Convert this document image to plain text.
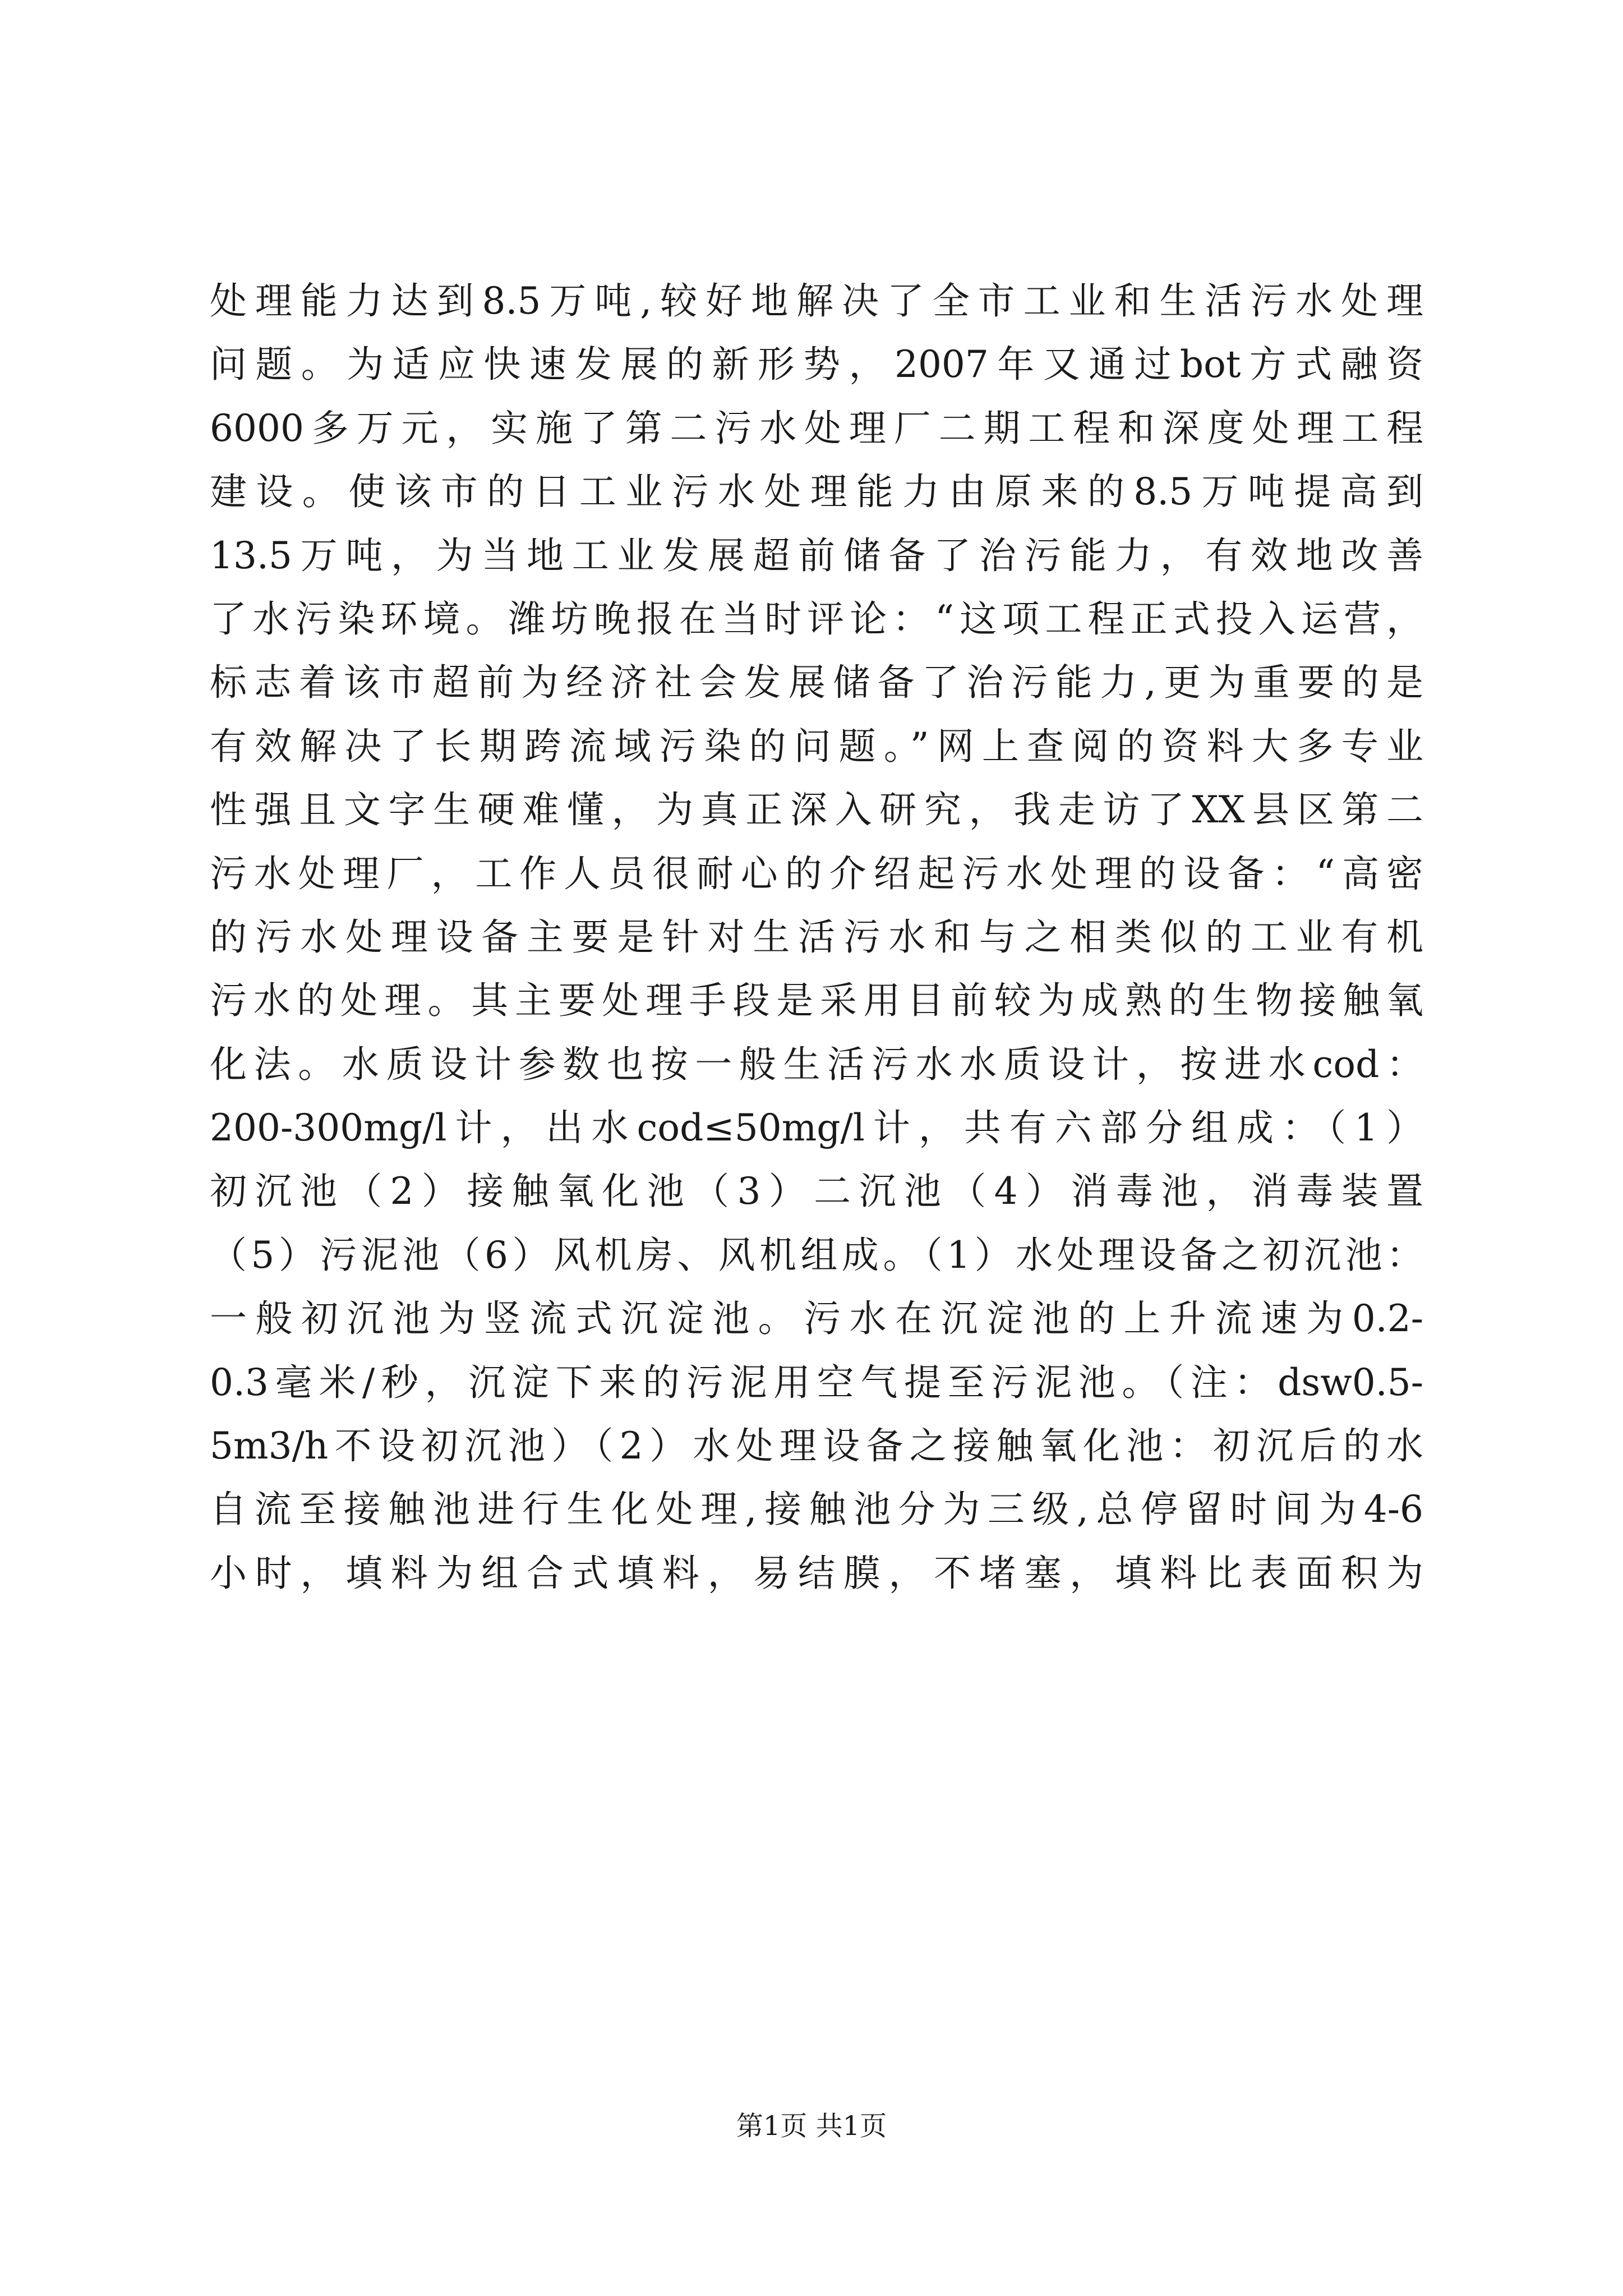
处理能力达到8.5万吨,较好地解决了全市工业和生活污水处理
问题。为适应快速发展的新形势，2007年又通过bot方式融资
6000多万元，实施了第二污水处理厂二期工程和深度处理工程
建设。使该市的日工业污水处理能力由原来的8.5万吨提高到
13.5万吨，为当地工业发展超前储备了治污能力，有效地改善
了水污染环境。潍坊晚报在当时评论：“这项工程正式投入运营，
标志着该市超前为经济社会发展储备了治污能力,更为重要的是
有效解决了长期跨流域污染的问题。”网上查阅的资料大多专业
性强且文字生硬难懂，为真正深入研究，我走访了XX县区第二
污水处理厂，工作人员很耐心的介绍起污水处理的设备：“高密
的污水处理设备主要是针对生活污水和与之相类似的工业有机
污水的处理。其主要处理手段是采用目前较为成熟的生物接触氧
化法。水质设计参数也按一般生活污水水质设计，按进水cod：
200-300mg/l计，出水cod≤50mg/l计，共有六部分组成：（1）
初沉池（2）接触氧化池（3）二沉池（4）消毒池，消毒装置
（5）污泥池（6）风机房、风机组成。（1）水处理设备之初沉池：
一般初沉池为竖流式沉淀池。污水在沉淀池的上升流速为0.2-
0.3毫米/秒，沉淀下来的污泥用空气提至污泥池。（注：dsw0.5-
5m3/h不设初沉池）（2）水处理设备之接触氧化池：初沉后的水
自流至接触池进行生化处理,接触池分为三级,总停留时间为4-6
小时，填料为组合式填料，易结膜，不堵塞，填料比表面积为
第1页 共1页
